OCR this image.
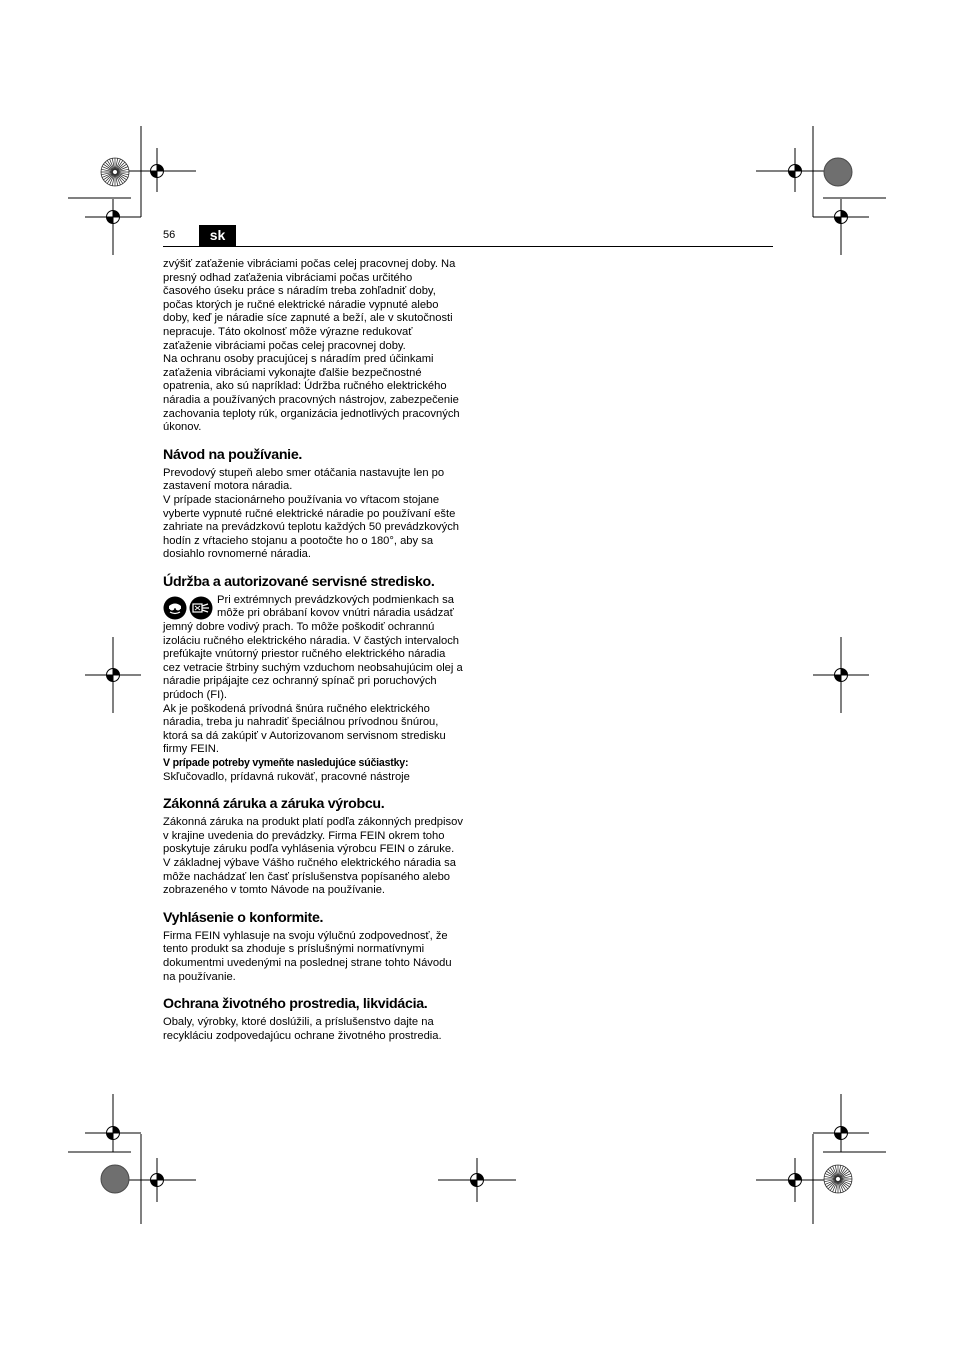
56	sk

zvýšiť zaťaženie vibráciami počas celej pracovnej doby. Na presný odhad zaťaženia vibráciami počas určitého časového úseku práce s náradím treba zohľadniť doby, počas ktorých je ručné elektrické náradie vypnuté alebo doby, keď je náradie síce zapnuté a beží, ale v skutočnosti nepracuje. Táto okolnosť môže výrazne redukovať zaťaženie vibráciami počas celej pracovnej doby.

Na ochranu osoby pracujúcej s náradím pred účinkami zaťaženia vibráciami vykonajte ďalšie bezpečnostné opatrenia, ako sú napríklad: Údržba ručného elektrického náradia a používaných pracovných nástrojov, zabezpečenie zachovania teploty rúk, organizácia jednotlivých pracovných úkonov.

Návod na používanie.

Prevodový stupeň alebo smer otáčania nastavujte len po zastavení motora náradia.

V prípade stacionárneho používania vo vŕtacom stojane vyberte vypnuté ručné elektrické náradie po používaní ešte zahriate na prevádzkovú teplotu každých 50 prevádzkových hodín z vŕtacieho stojanu a pootočte ho o 180°, aby sa dosiahlo rovnomerné náradia.

Údržba a autorizované servisné stredisko.

Pri extrémnych prevádzkových podmienkach sa môže pri obrábaní kovov vnútri náradia usádzať jemný dobre vodivý prach. To môže poškodiť ochrannú izoláciu ručného elektrického náradia. V častých intervaloch prefúkajte vnútorný priestor ručného elektrického náradia cez vetracie štrbiny suchým vzduchom neobsahujúcim olej a náradie pripájajte cez ochranný spínač pri poruchových prúdoch (FI).

Ak je poškodená prívodná šnúra ručného elektrického náradia, treba ju nahradiť špeciálnou prívodnou šnúrou, ktorá sa dá zakúpiť v Autorizovanom servisnom stredisku firmy FEIN.

V prípade potreby vymeňte nasledujúce súčiastky:

Skľučovadlo, prídavná rukoväť, pracovné nástroje

Zákonná záruka a záruka výrobcu.

Zákonná záruka na produkt platí podľa zákonných predpisov v krajine uvedenia do prevádzky. Firma FEIN okrem toho poskytuje záruku podľa vyhlásenia výrobcu FEIN o záruke.

V základnej výbave Vášho ručného elektrického náradia sa môže nachádzať len časť príslušenstva popísaného alebo zobrazeného v tomto Návode na používanie.

Vyhlásenie o konformite.

Firma FEIN vyhlasuje na svoju výlučnú zodpovednosť, že tento produkt sa zhoduje s príslušnými normatívnymi dokumentmi uvedenými na poslednej strane tohto Návodu na používanie.

Ochrana životného prostredia, likvidácia.

Obaly, výrobky, ktoré doslúžili, a príslušenstvo dajte na recykláciu zodpovedajúcu ochrane životného prostredia.
